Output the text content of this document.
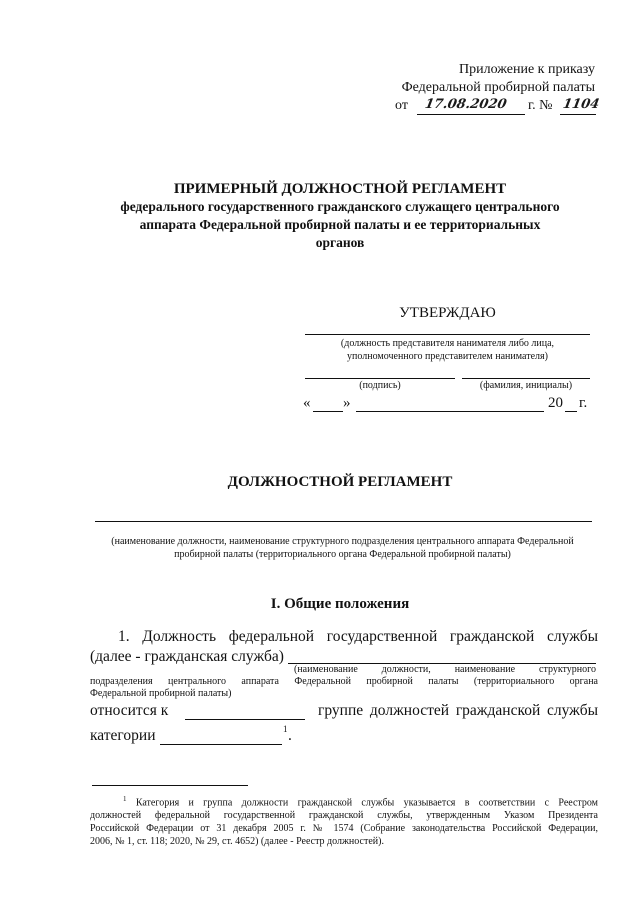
Приложение к приказу
Федеральной пробирной палаты
от 17.08.2020 г. № 1104
ПРИМЕРНЫЙ ДОЛЖНОСТНОЙ РЕГЛАМЕНТ
федерального государственного гражданского служащего центрального
аппарата Федеральной пробирной палаты и ее территориальных
органов
УТВЕРЖДАЮ
(должность представителя нанимателя либо лица,
уполномоченного представителем нанимателя)
(подпись)	(фамилия, инициалы)
« »	20 г.
ДОЛЖНОСТНОЙ РЕГЛАМЕНТ
(наименование должности, наименование структурного подразделения центрального аппарата Федеральной
пробирной палаты (территориального органа Федеральной пробирной палаты)
I. Общие положения
1. Должность федеральной государственной гражданской службы
(далее - гражданская служба)
(наименование должности, наименование структурного
подразделения центрального аппарата Федеральной пробирной палаты (территориального органа
Федеральной пробирной палаты)
относится к	группе должностей гражданской службы
категории	1 .
$^1$ Категория и группа должности гражданской службы указывается в соответствии с Реестром
должностей федеральной государственной гражданской службы, утвержденным Указом Президента
Российской Федерации от 31 декабря 2005 г. № 1574 (Собрание законодательства Российской Федерации,
2006, № 1, ст. 118; 2020, № 29, ст. 4652) (далее - Реестр должностей).
